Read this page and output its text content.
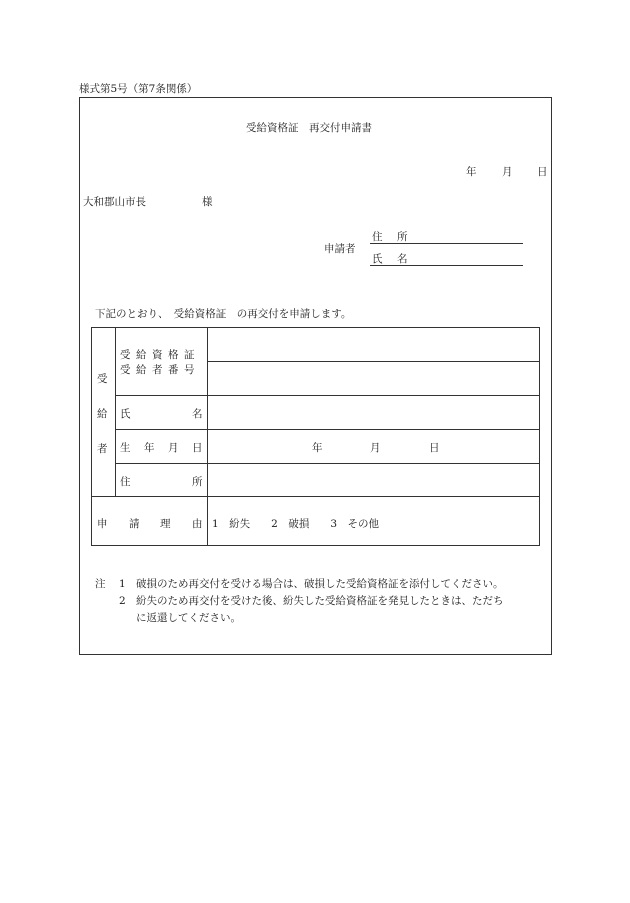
様式第5号（第7条関係）
受給資格証　再交付申請書
年 月 日
大和郡山市長	様
申請者
住 所
氏 名
下記のとおり、　受給資格証　の再交付を申請します。
受
給
者
受給資格証
受給者番号
氏	名
生 年 月 日	年	月	日
住	所
申 請 理 由 1　紛失　　2　破損　　3　その他
注	1 破損のため再交付を受ける場合は、破損した受給資格証を添付してください。
2 紛失のため再交付を受けた後、紛失した受給資格証を発見したときは、ただち
に返還してください。
